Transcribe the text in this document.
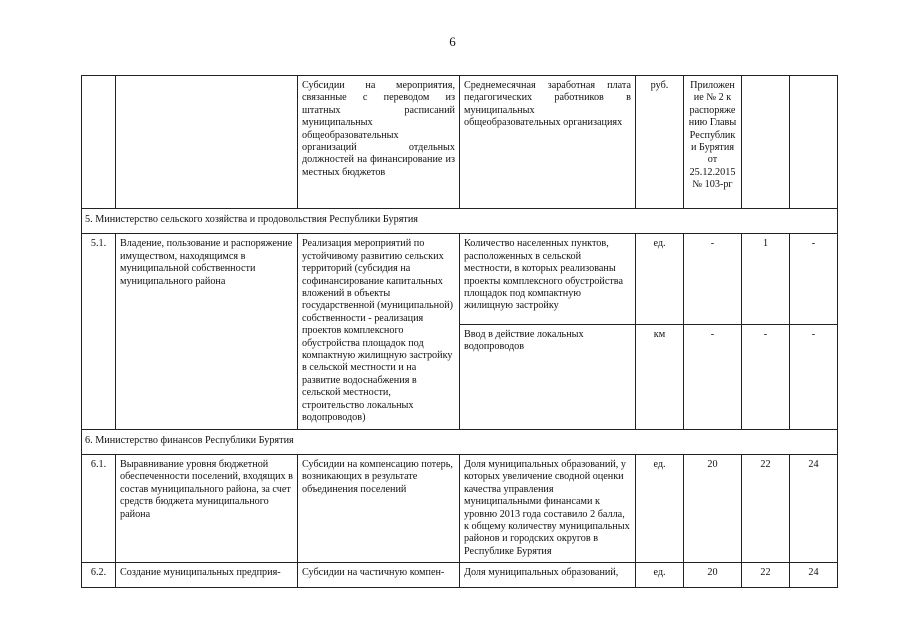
6
		Субсидии на мероприятия, связанные с переводом из штатных расписаний муниципальных общеобразовательных организаций отдельных должностей на финансирование из местных бюджетов	Среднемесячная заработная плата педагогических работников в муниципальных общеобразовательных организациях	руб.	Приложение № 2 к распоряжению Главы Республики Бурятия от 25.12.2015 № 103-рг		
5. Министерство сельского хозяйства и продовольствия Республики Бурятия							
5.1.	Владение, пользование и распоряжение имуществом, находящимся в муниципальной собственности муниципального района	Реализация мероприятий по устойчивому развитию сельских территорий (субсидия на софинансирование капитальных вложений в объекты государственной (муниципальной) собственности - реализация проектов комплексного обустройства площадок под компактную жилищную застройку в сельской местности и на развитие водоснабжения в сельской местности, строительство локальных водопроводов)	Количество населенных пунктов, расположенных в сельской местности, в которых реализованы проекты комплексного обустройства площадок под компактную жилищную застройку	ед.	-	1	-
			Ввод в действие локальных водопроводов	км	-	-	-
6. Министерство финансов Республики Бурятия							
6.1.	Выравнивание уровня бюджетной обеспеченности поселений, входящих в состав муниципального района, за счет средств бюджета муниципального района	Субсидии на компенсацию потерь, возникающих в результате объединения поселений	Доля муниципальных образований, у которых увеличение сводной оценки качества управления муниципальными финансами к уровню 2013 года составило 2 балла, к общему количеству муниципальных районов и городских округов в Республике Бурятия	ед.	20	22	24
6.2.	Создание муниципальных предприя-	Субсидии на частичную компен-	Доля муниципальных образований,	ед.	20	22	24
